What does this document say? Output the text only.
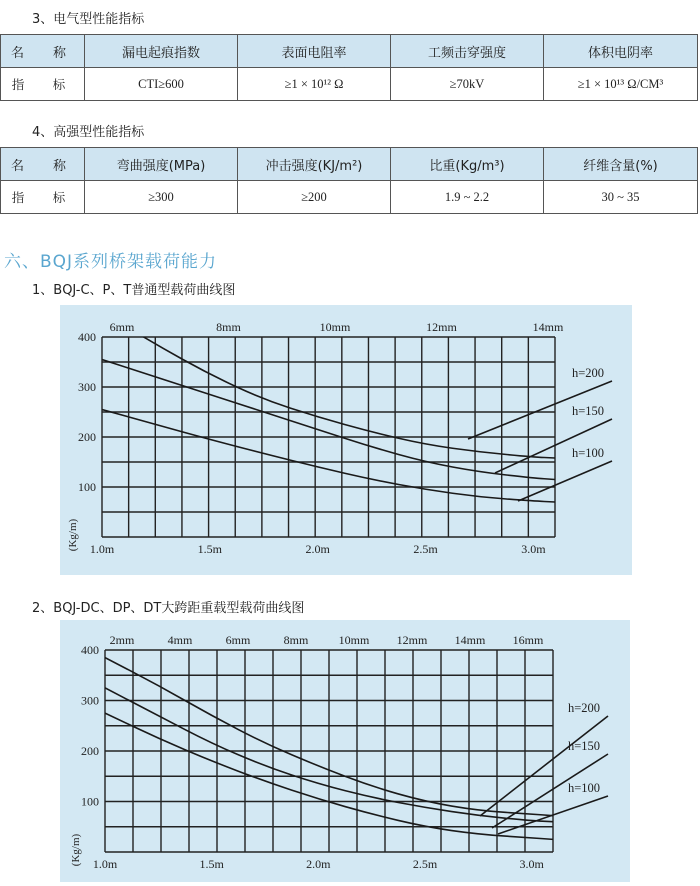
3、电气型性能指标
名　称	漏电起痕指数	表面电阻率	工频击穿强度	体积电阴率
指　标	CTI≥600	≥1 × 10¹² Ω	≥70kV	≥1 × 10¹³ Ω/CM³
4、高强型性能指标
名　称	弯曲强度(MPa)	冲击强度(KJ/m²)	比重(Kg/m³)	纤维含量(%)
指　标	≥300	≥200	1.9 ~ 2.2	30 ~ 35
六、BQJ系列桥架载荷能力
1、BQJ-C、P、T普通型载荷曲线图
100
200
300
400
1.0m	1.5m	2.0m	2.5m	3.0m
6mm	8mm	10mm	12mm	14mm
(Kg/m)
h=200
h=150
h=100
2、BQJ-DC、DP、DT大跨距重载型载荷曲线图
100
200
300
400
1.0m	1.5m	2.0m	2.5m	3.0m
2mm	4mm	6mm	8mm	10mm 12mm 14mm 16mm
(Kg/m)
h=200
h=150
h=100
